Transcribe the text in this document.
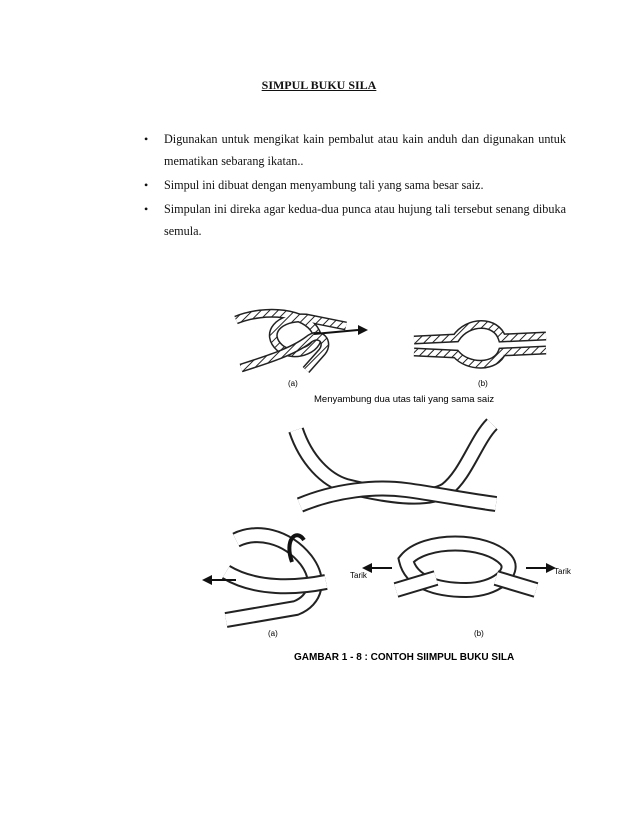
SIMPUL BUKU SILA
• Digunakan untuk mengikat kain pembalut atau kain anduh dan digunakan untuk mematikan sebarang ikatan..
• Simpul ini dibuat dengan menyambung tali yang sama besar saiz.
• Simpulan ini direka agar kedua-dua punca atau hujung tali tersebut senang dibuka semula.
(a)	(b)
Menyambung dua utas tali yang sama saiz
(a)
Tarik	Tarik
(b)
GAMBAR 1 - 8 : CONTOH SIIMPUL BUKU SILA
